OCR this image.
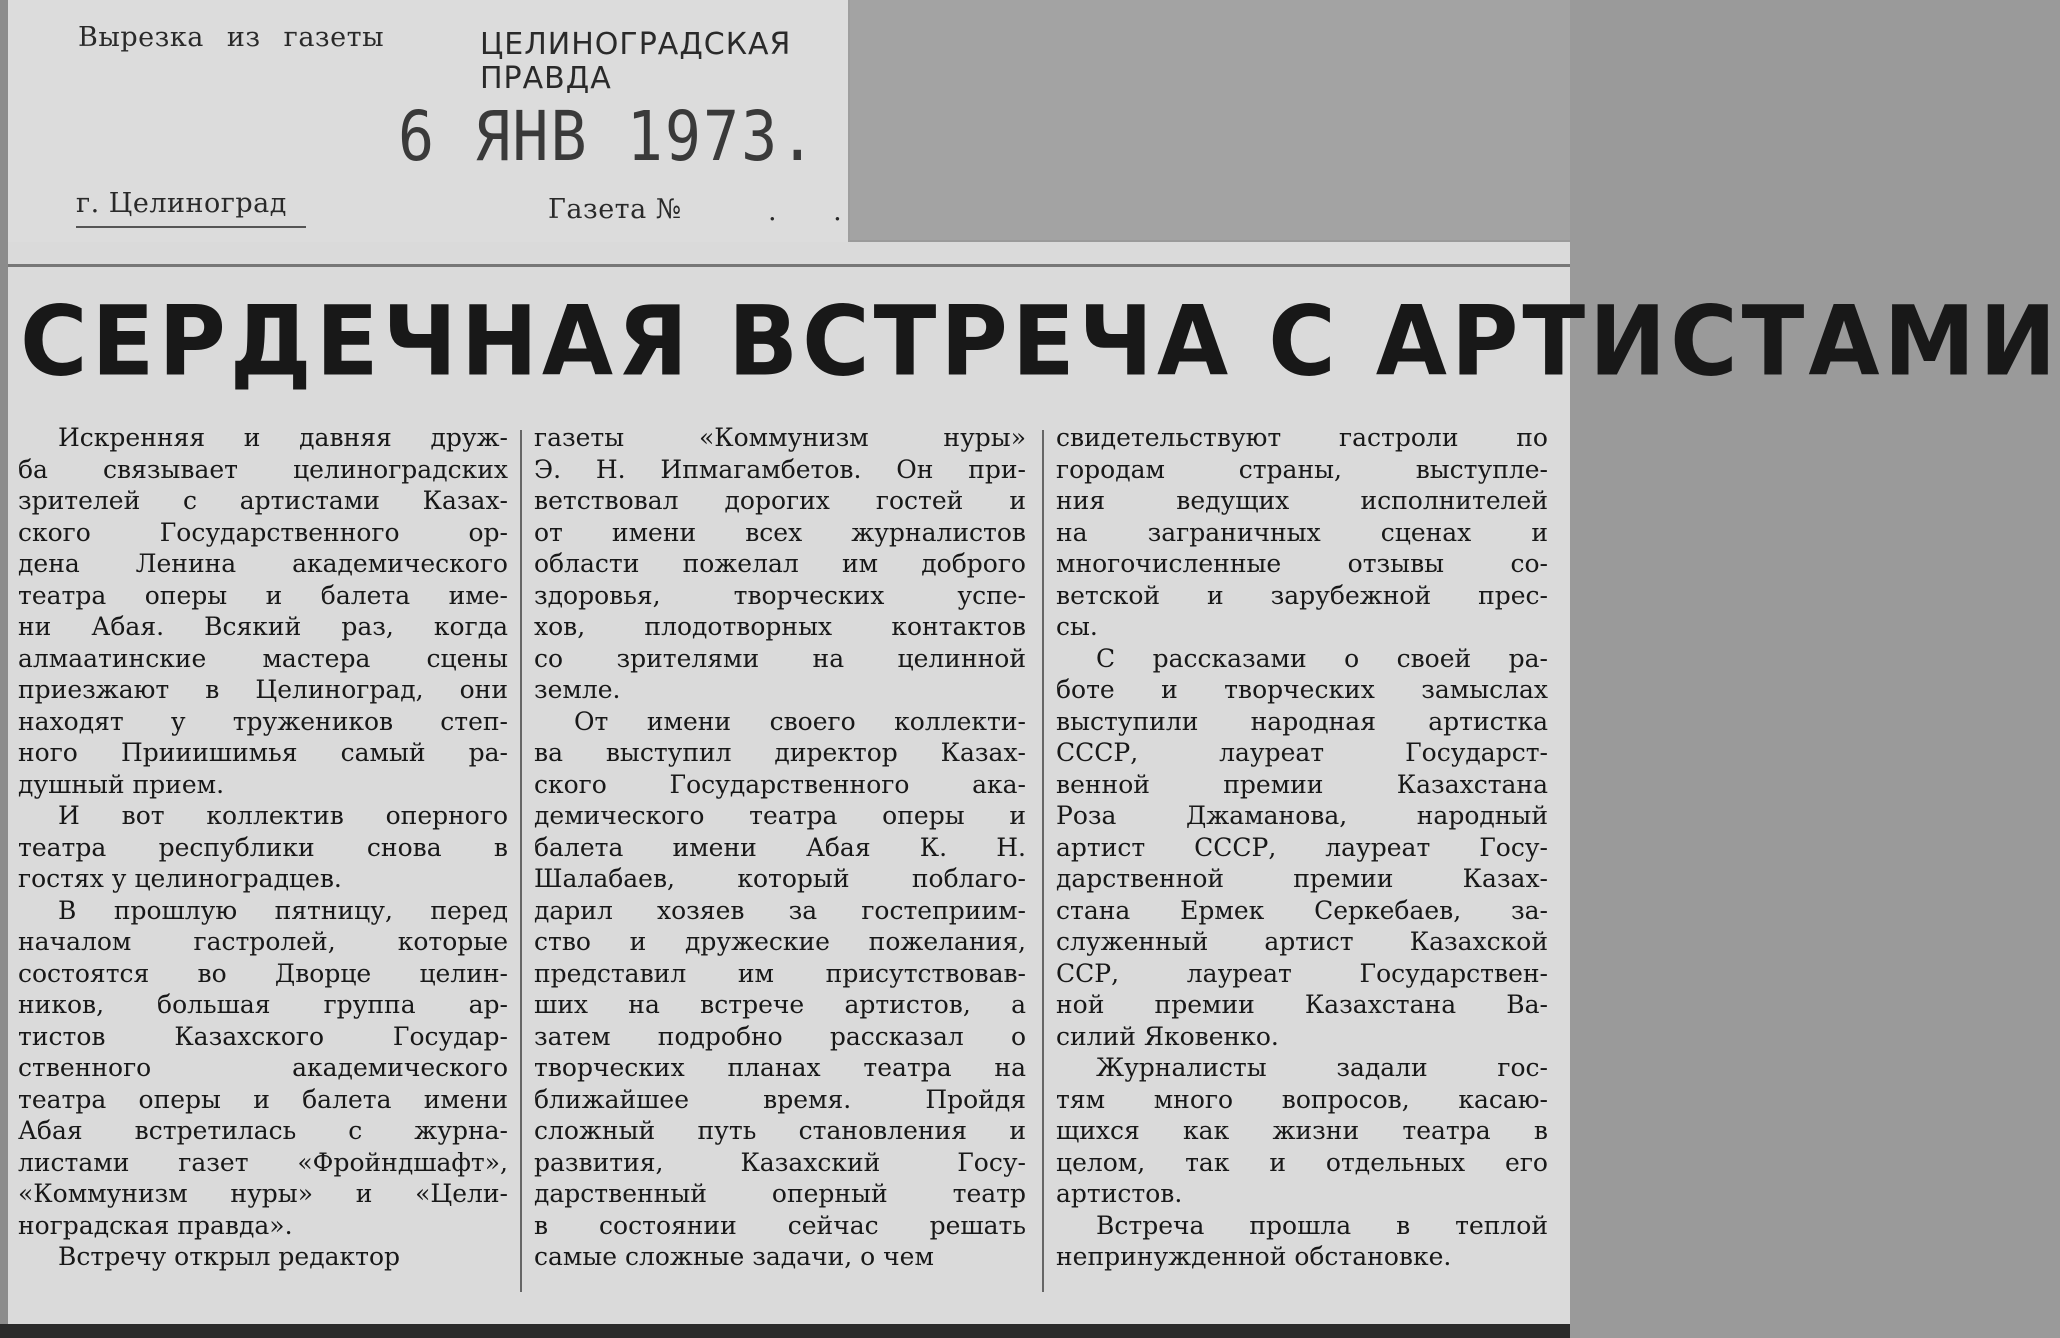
Вырезка из газеты	ЦЕЛИНОГРАДСКАЯ
ПРАВДА
6 ЯНВ 1973.
г. Целиноград	Газета №	. .
СЕРДЕЧНАЯ ВСТРЕЧА С АРТИСТАМИ
Искренняя и давняя друж-
ба связывает целиноградских
зрителей с артистами Казах-
ского Государственного ор-
дена Ленина академического
театра оперы и балета име-
ни Абая. Всякий раз, когда
алмаатинские мастера сцены
приезжают в Целиноград, они
находят у тружеников степ-
ного Прииишимья самый ра-
душный прием.
И вот коллектив оперного
театра республики снова в
гостях у целиноградцев.
В прошлую пятницу, перед
началом гастролей, которые
состоятся во Дворце целин-
ников, большая группа ар-
тистов Казахского Государ-
ственного академического
театра оперы и балета имени
Абая встретилась с журна-
листами газет «Фройндшафт»,
«Коммунизм нуры» и «Цели-
ноградская правда».
Встречу открыл редактор
газеты «Коммунизм нуры»
Э. Н. Ипмагамбетов. Он при-
ветствовал дорогих гостей и
от имени всех журналистов
области пожелал им доброго
здоровья, творческих успе-
хов, плодотворных контактов
со зрителями на целинной
земле.
От имени своего коллекти-
ва выступил директор Казах-
ского Государственного ака-
демического театра оперы и
балета имени Абая К. Н.
Шалабаев, который поблаго-
дарил хозяев за гостеприим-
ство и дружеские пожелания,
представил им присутствовав-
ших на встрече артистов, а
затем подробно рассказал о
творческих планах театра на
ближайшее время. Пройдя
сложный путь становления и
развития, Казахский Госу-
дарственный оперный театр
в состоянии сейчас решать
самые сложные задачи, о чем
свидетельствуют гастроли по
городам страны, выступле-
ния ведущих исполнителей
на заграничных сценах и
многочисленные отзывы со-
ветской и зарубежной прес-
сы.
С рассказами о своей ра-
боте и творческих замыслах
выступили народная артистка
СССР, лауреат Государст-
венной премии Казахстана
Роза Джаманова, народный
артист СССР, лауреат Госу-
дарственной премии Казах-
стана Ермек Серкебаев, за-
служенный артист Казахской
ССР, лауреат Государствен-
ной премии Казахстана Ва-
силий Яковенко.
Журналисты задали гос-
тям много вопросов, касаю-
щихся как жизни театра в
целом, так и отдельных его
артистов.
Встреча прошла в теплой
непринужденной обстановке.
